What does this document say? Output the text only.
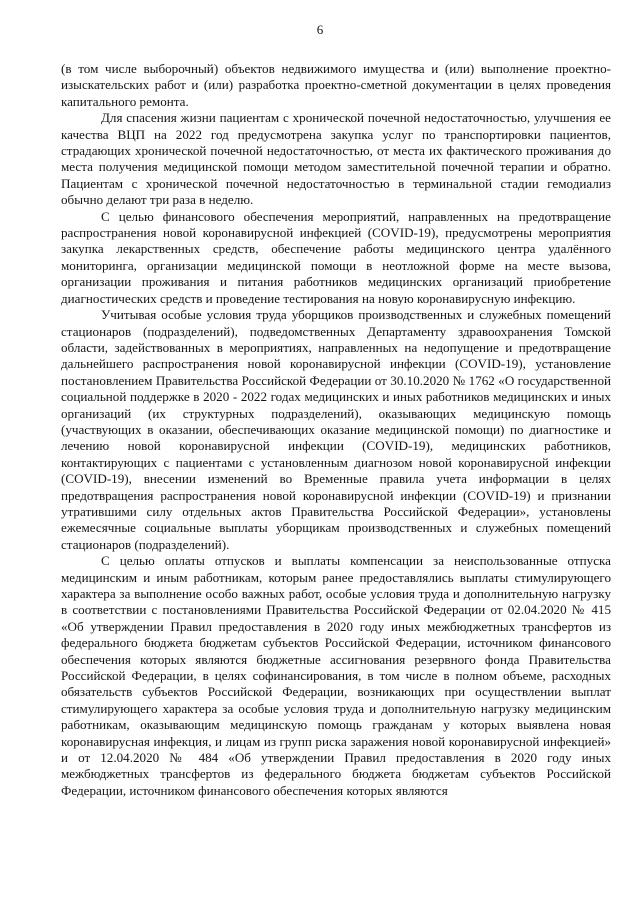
6

(в том числе выборочный) объектов недвижимого имущества и (или) выполнение проектно-изыскательских работ и (или) разработка проектно-сметной документации в целях проведения капитального ремонта.

Для спасения жизни пациентам с хронической почечной недостаточностью, улучшения ее качества ВЦП на 2022 год предусмотрена закупка услуг по транспортировки пациентов, страдающих хронической почечной недостаточностью, от места их фактического проживания до места получения медицинской помощи методом заместительной почечной терапии и обратно. Пациентам с хронической почечной недостаточностью в терминальной стадии гемодиализ обычно делают три раза в неделю.

С целью финансового обеспечения мероприятий, направленных на предотвращение распространения новой коронавирусной инфекцией (COVID-19), предусмотрены мероприятия закупка лекарственных средств, обеспечение работы медицинского центра удалённого мониторинга, организации медицинской помощи в неотложной форме на месте вызова, организации проживания и питания работников медицинских организаций приобретение диагностических средств и проведение тестирования на новую коронавирусную инфекцию.

Учитывая особые условия труда уборщиков производственных и служебных помещений стационаров (подразделений), подведомственных Департаменту здравоохранения Томской области, задействованных в мероприятиях, направленных на недопущение и предотвращение дальнейшего распространения новой коронавирусной инфекции (COVID-19), установление постановлением Правительства Российской Федерации от 30.10.2020 № 1762 «О государственной социальной поддержке в 2020 - 2022 годах медицинских и иных работников медицинских и иных организаций (их структурных подразделений), оказывающих медицинскую помощь (участвующих в оказании, обеспечивающих оказание медицинской помощи) по диагностике и лечению новой коронавирусной инфекции (COVID-19), медицинских работников, контактирующих с пациентами с установленным диагнозом новой коронавирусной инфекции (COVID-19), внесении изменений во Временные правила учета информации в целях предотвращения распространения новой коронавирусной инфекции (COVID-19) и признании утратившими силу отдельных актов Правительства Российской Федерации», установлены ежемесячные социальные выплаты уборщикам производственных и служебных помещений стационаров (подразделений).

С целью оплаты отпусков и выплаты компенсации за неиспользованные отпуска медицинским и иным работникам, которым ранее предоставлялись выплаты стимулирующего характера за выполнение особо важных работ, особые условия труда и дополнительную нагрузку в соответствии с постановлениями Правительства Российской Федерации от 02.04.2020 № 415 «Об утверждении Правил предоставления в 2020 году иных межбюджетных трансфертов из федерального бюджета бюджетам субъектов Российской Федерации, источником финансового обеспечения которых являются бюджетные ассигнования резервного фонда Правительства Российской Федерации, в целях софинансирования, в том числе в полном объеме, расходных обязательств субъектов Российской Федерации, возникающих при осуществлении выплат стимулирующего характера за особые условия труда и дополнительную нагрузку медицинским работникам, оказывающим медицинскую помощь гражданам у которых выявлена новая коронавирусная инфекция, и лицам из групп риска заражения новой коронавирусной инфекцией» и от 12.04.2020 № 484 «Об утверждении Правил предоставления в 2020 году иных межбюджетных трансфертов из федерального бюджета бюджетам субъектов Российской Федерации, источником финансового обеспечения которых являются
